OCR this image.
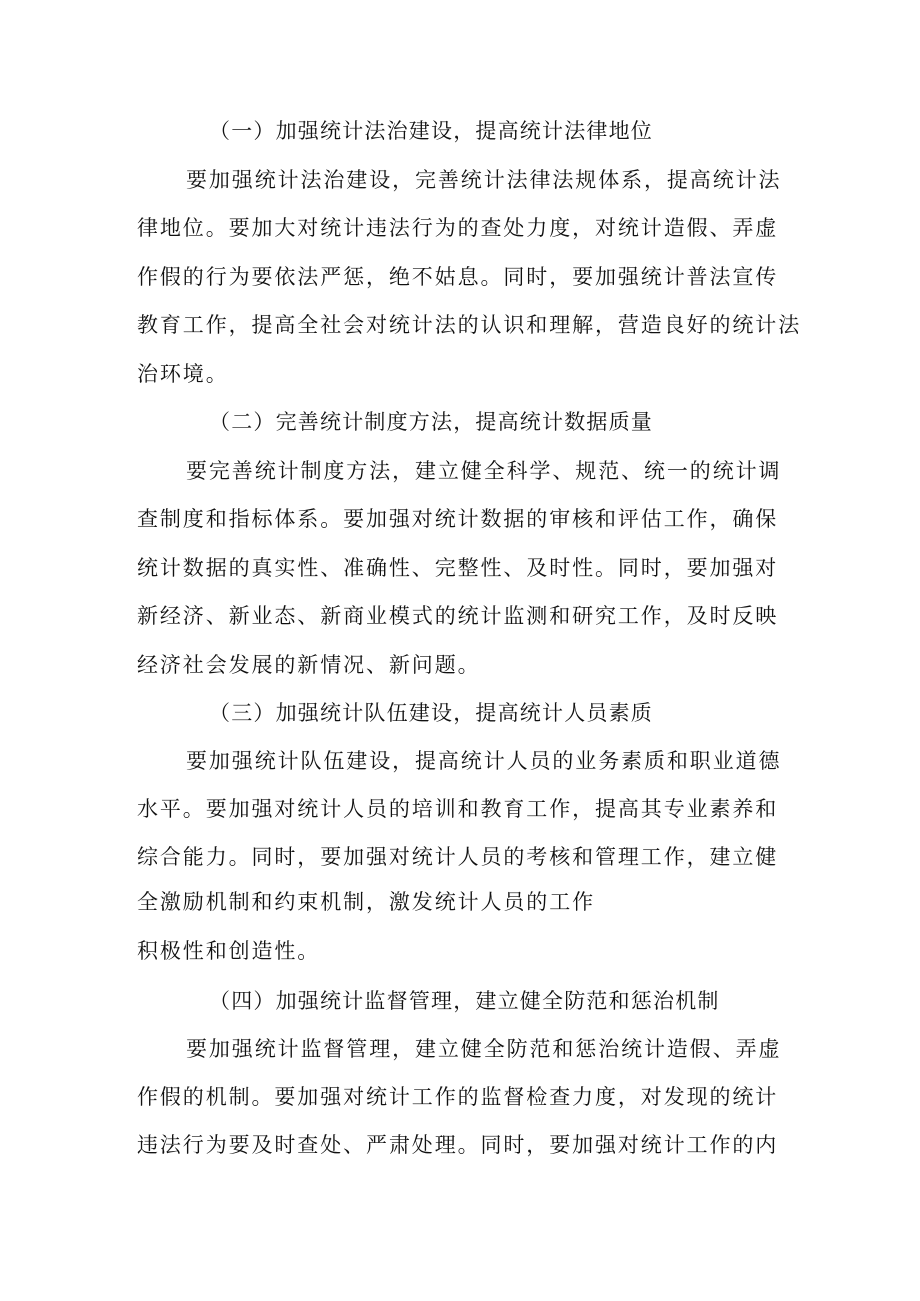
（一）加强统计法治建设，提高统计法律地位
要加强统计法治建设，完善统计法律法规体系，提高统计法
律地位。要加大对统计违法行为的查处力度，对统计造假、弄虚
作假的行为要依法严惩，绝不姑息。同时，要加强统计普法宣传
教育工作，提高全社会对统计法的认识和理解，营造良好的统计法
治环境。
（二）完善统计制度方法，提高统计数据质量
要完善统计制度方法，建立健全科学、规范、统一的统计调
查制度和指标体系。要加强对统计数据的审核和评估工作，确保
统计数据的真实性、准确性、完整性、及时性。同时，要加强对
新经济、新业态、新商业模式的统计监测和研究工作，及时反映
经济社会发展的新情况、新问题。
（三）加强统计队伍建设，提高统计人员素质
要加强统计队伍建设，提高统计人员的业务素质和职业道德
水平。要加强对统计人员的培训和教育工作，提高其专业素养和
综合能力。同时，要加强对统计人员的考核和管理工作，建立健
全激励机制和约束机制，激发统计人员的工作
积极性和创造性。
（四）加强统计监督管理，建立健全防范和惩治机制
要加强统计监督管理，建立健全防范和惩治统计造假、弄虚
作假的机制。要加强对统计工作的监督检查力度，对发现的统计
违法行为要及时查处、严肃处理。同时，要加强对统计工作的内
